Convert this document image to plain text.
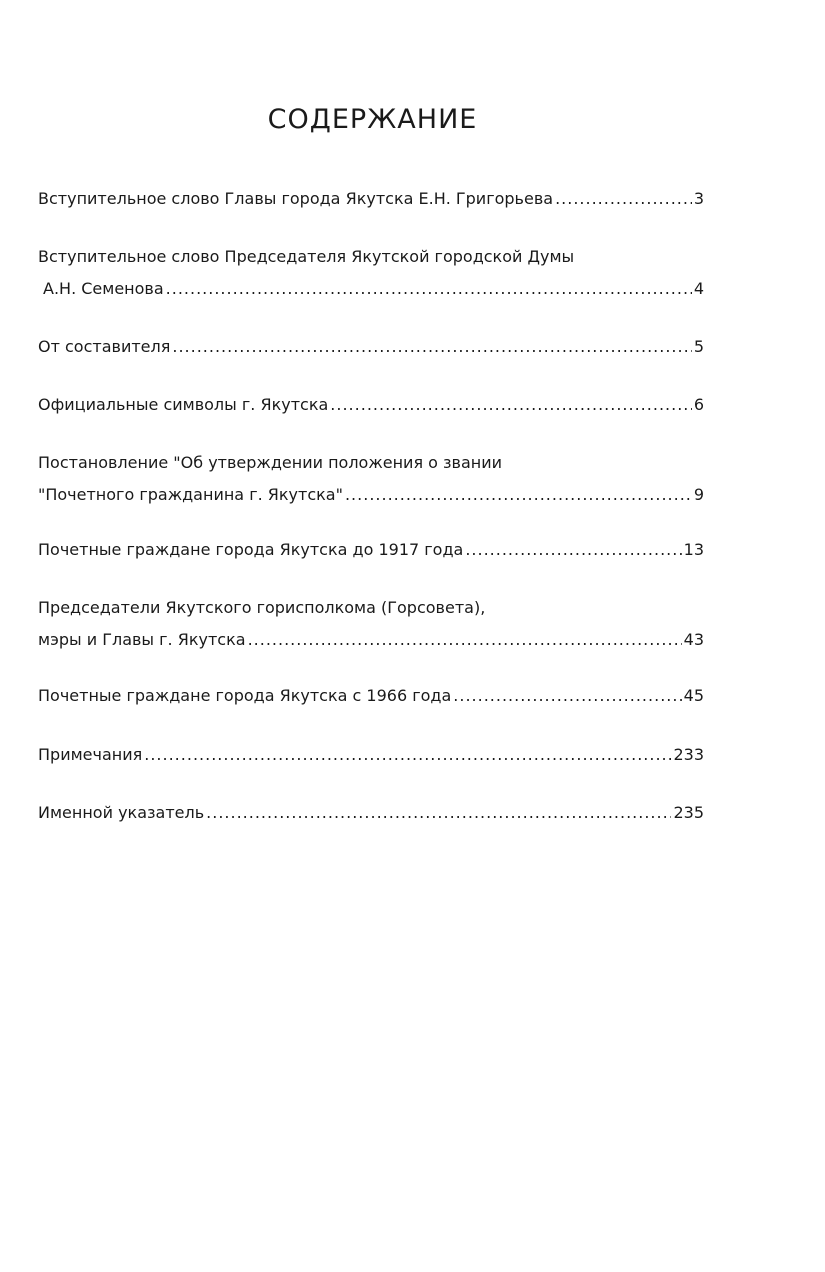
СОДЕРЖАНИЕ
Вступительное слово Главы города Якутска Е.Н. Григорьева .....	3
Вступительное слово Председателя Якутской городской Думы
А.Н. Семенова .....	4
От составителя .....	5
Официальные символы г. Якутска .....	6
Постановление "Об утверждении положения о звании
"Почетного гражданина г. Якутска" .....	9
Почетные граждане города Якутска до 1917 года .....	13
Председатели Якутского горисполкома (Горсовета),
мэры и Главы г. Якутска .....	43
Почетные граждане города Якутска с 1966 года .....	45
Примечания .....	233
Именной указатель .....	235
